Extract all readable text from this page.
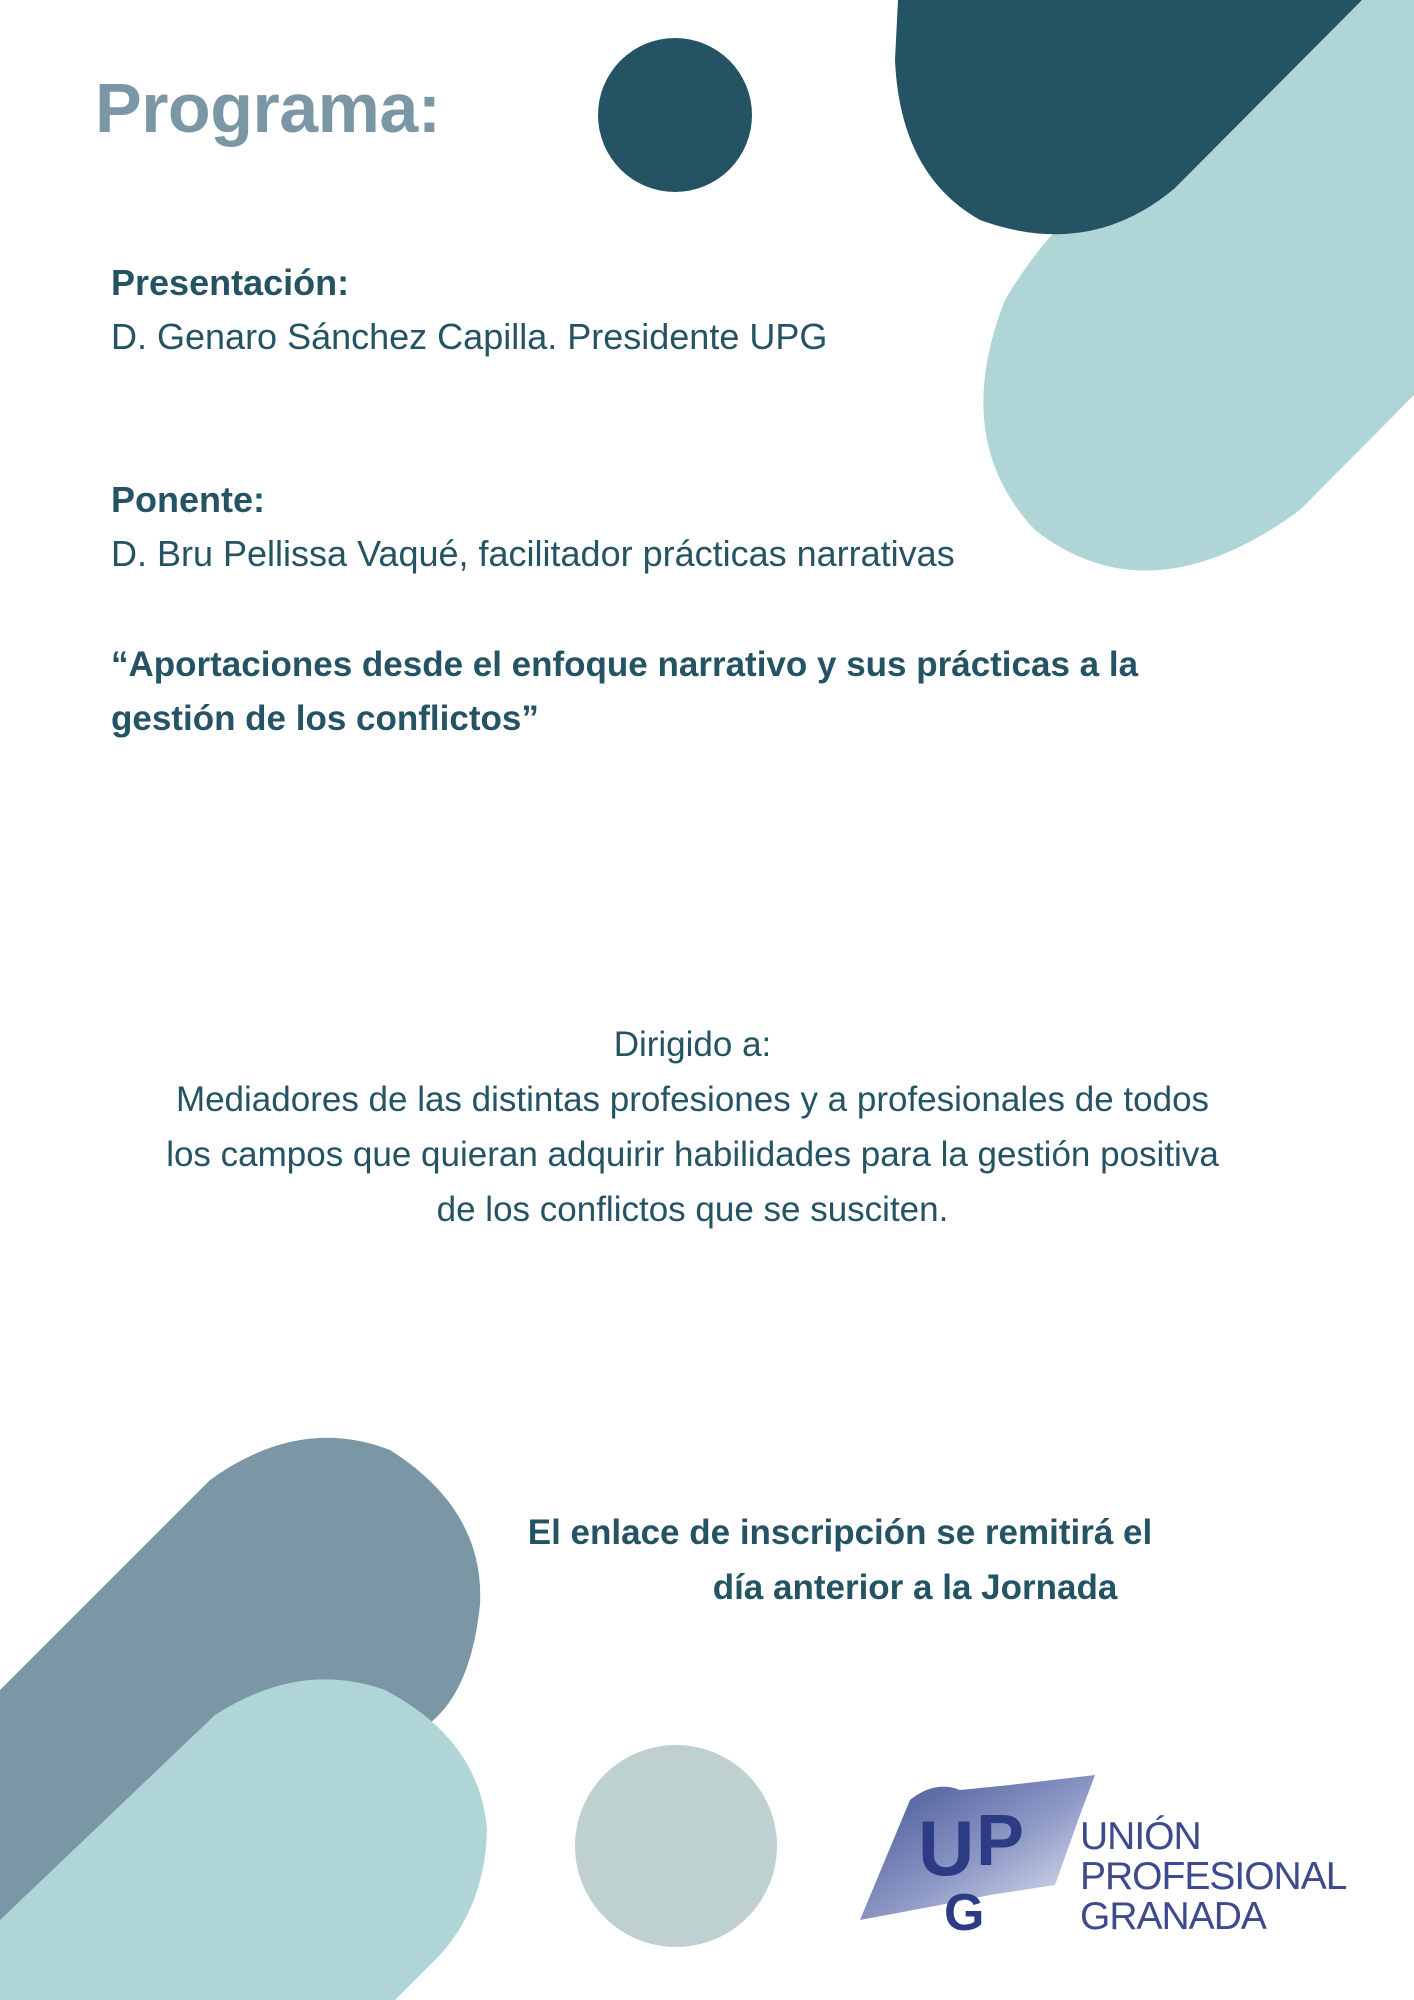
Programa:

Presentación:

D. Genaro Sánchez Capilla. Presidente UPG

Ponente:

D. Bru Pellissa Vaqué, facilitador prácticas narrativas

“Aportaciones desde el enfoque narrativo y sus prácticas a la gestión de los conflictos”

Dirigido a:
Mediadores de las distintas profesiones y a profesionales de todos
los campos que quieran adquirir habilidades para la gestión positiva
de los conflictos que se susciten.

El enlace de inscripción se remitirá el
día anterior a la Jornada

U P
G

UNIÓN
PROFESIONAL
GRANADA
